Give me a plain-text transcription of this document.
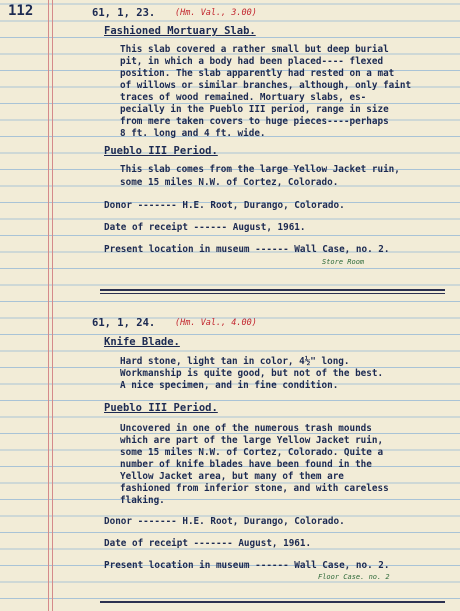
112	61, 1, 23. (Hm. Val., 3.00)
Fashioned Mortuary Slab.
This slab covered a rather small but deep burial
pit, in which a body had been placed---- flexed
position. The slab apparently had rested on a mat
of willows or similar branches, although, only faint
traces of wood remained. Mortuary slabs, es-
pecially in the Pueblo III period, range in size
from mere taken covers to huge pieces----perhaps
8 ft. long and 4 ft. wide.
Pueblo III Period.
This slab comes from the large Yellow Jacket ruin,
some 15 miles N.W. of Cortez, Colorado.
Donor ------- H.E. Root, Durango, Colorado.
Date of receipt ------ August, 1961.
Present location in museum ------ Wall Case, no. 2.
Store Room
61, 1, 24. (Hm. Val., 4.00)
Knife Blade.
Hard stone, light tan in color, 4½" long.
Workmanship is quite good, but not of the best.
A nice specimen, and in fine condition.
Pueblo III Period.
Uncovered in one of the numerous trash mounds
which are part of the large Yellow Jacket ruin,
some 15 miles N.W. of Cortez, Colorado. Quite a
number of knife blades have been found in the
Yellow Jacket area, but many of them are
fashioned from inferior stone, and with careless
flaking.
Donor ------- H.E. Root, Durango, Colorado.
Date of receipt ------- August, 1961.
Present location in museum ------ Wall Case, no. 2.
Floor Case. no. 2
